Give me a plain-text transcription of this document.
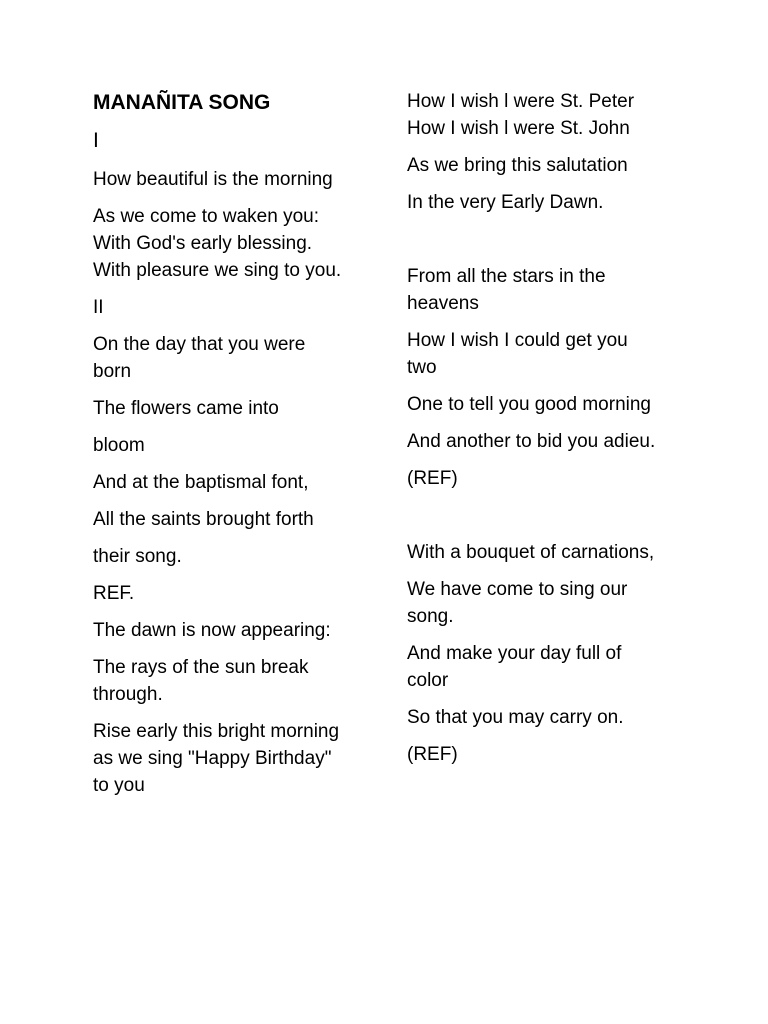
MANAÑITA SONG

I

How beautiful is the morning

As we come to waken you:
With God's early blessing.
With pleasure we sing to you.

II

On the day that you were
born

The flowers came into

bloom

And at the baptismal font,

All the saints brought forth

their song.

REF.

The dawn is now appearing:

The rays of the sun break
through.

Rise early this bright morning
as we sing "Happy Birthday"
to you

How I wish l were St. Peter
How I wish l were St. John

As we bring this salutation

In the very Early Dawn.

From all the stars in the
heavens

How I wish I could get you
two

One to tell you good morning

And another to bid you adieu.

(REF)

With a bouquet of carnations,

We have come to sing our
song.

And make your day full of
color

So that you may carry on.

(REF)
